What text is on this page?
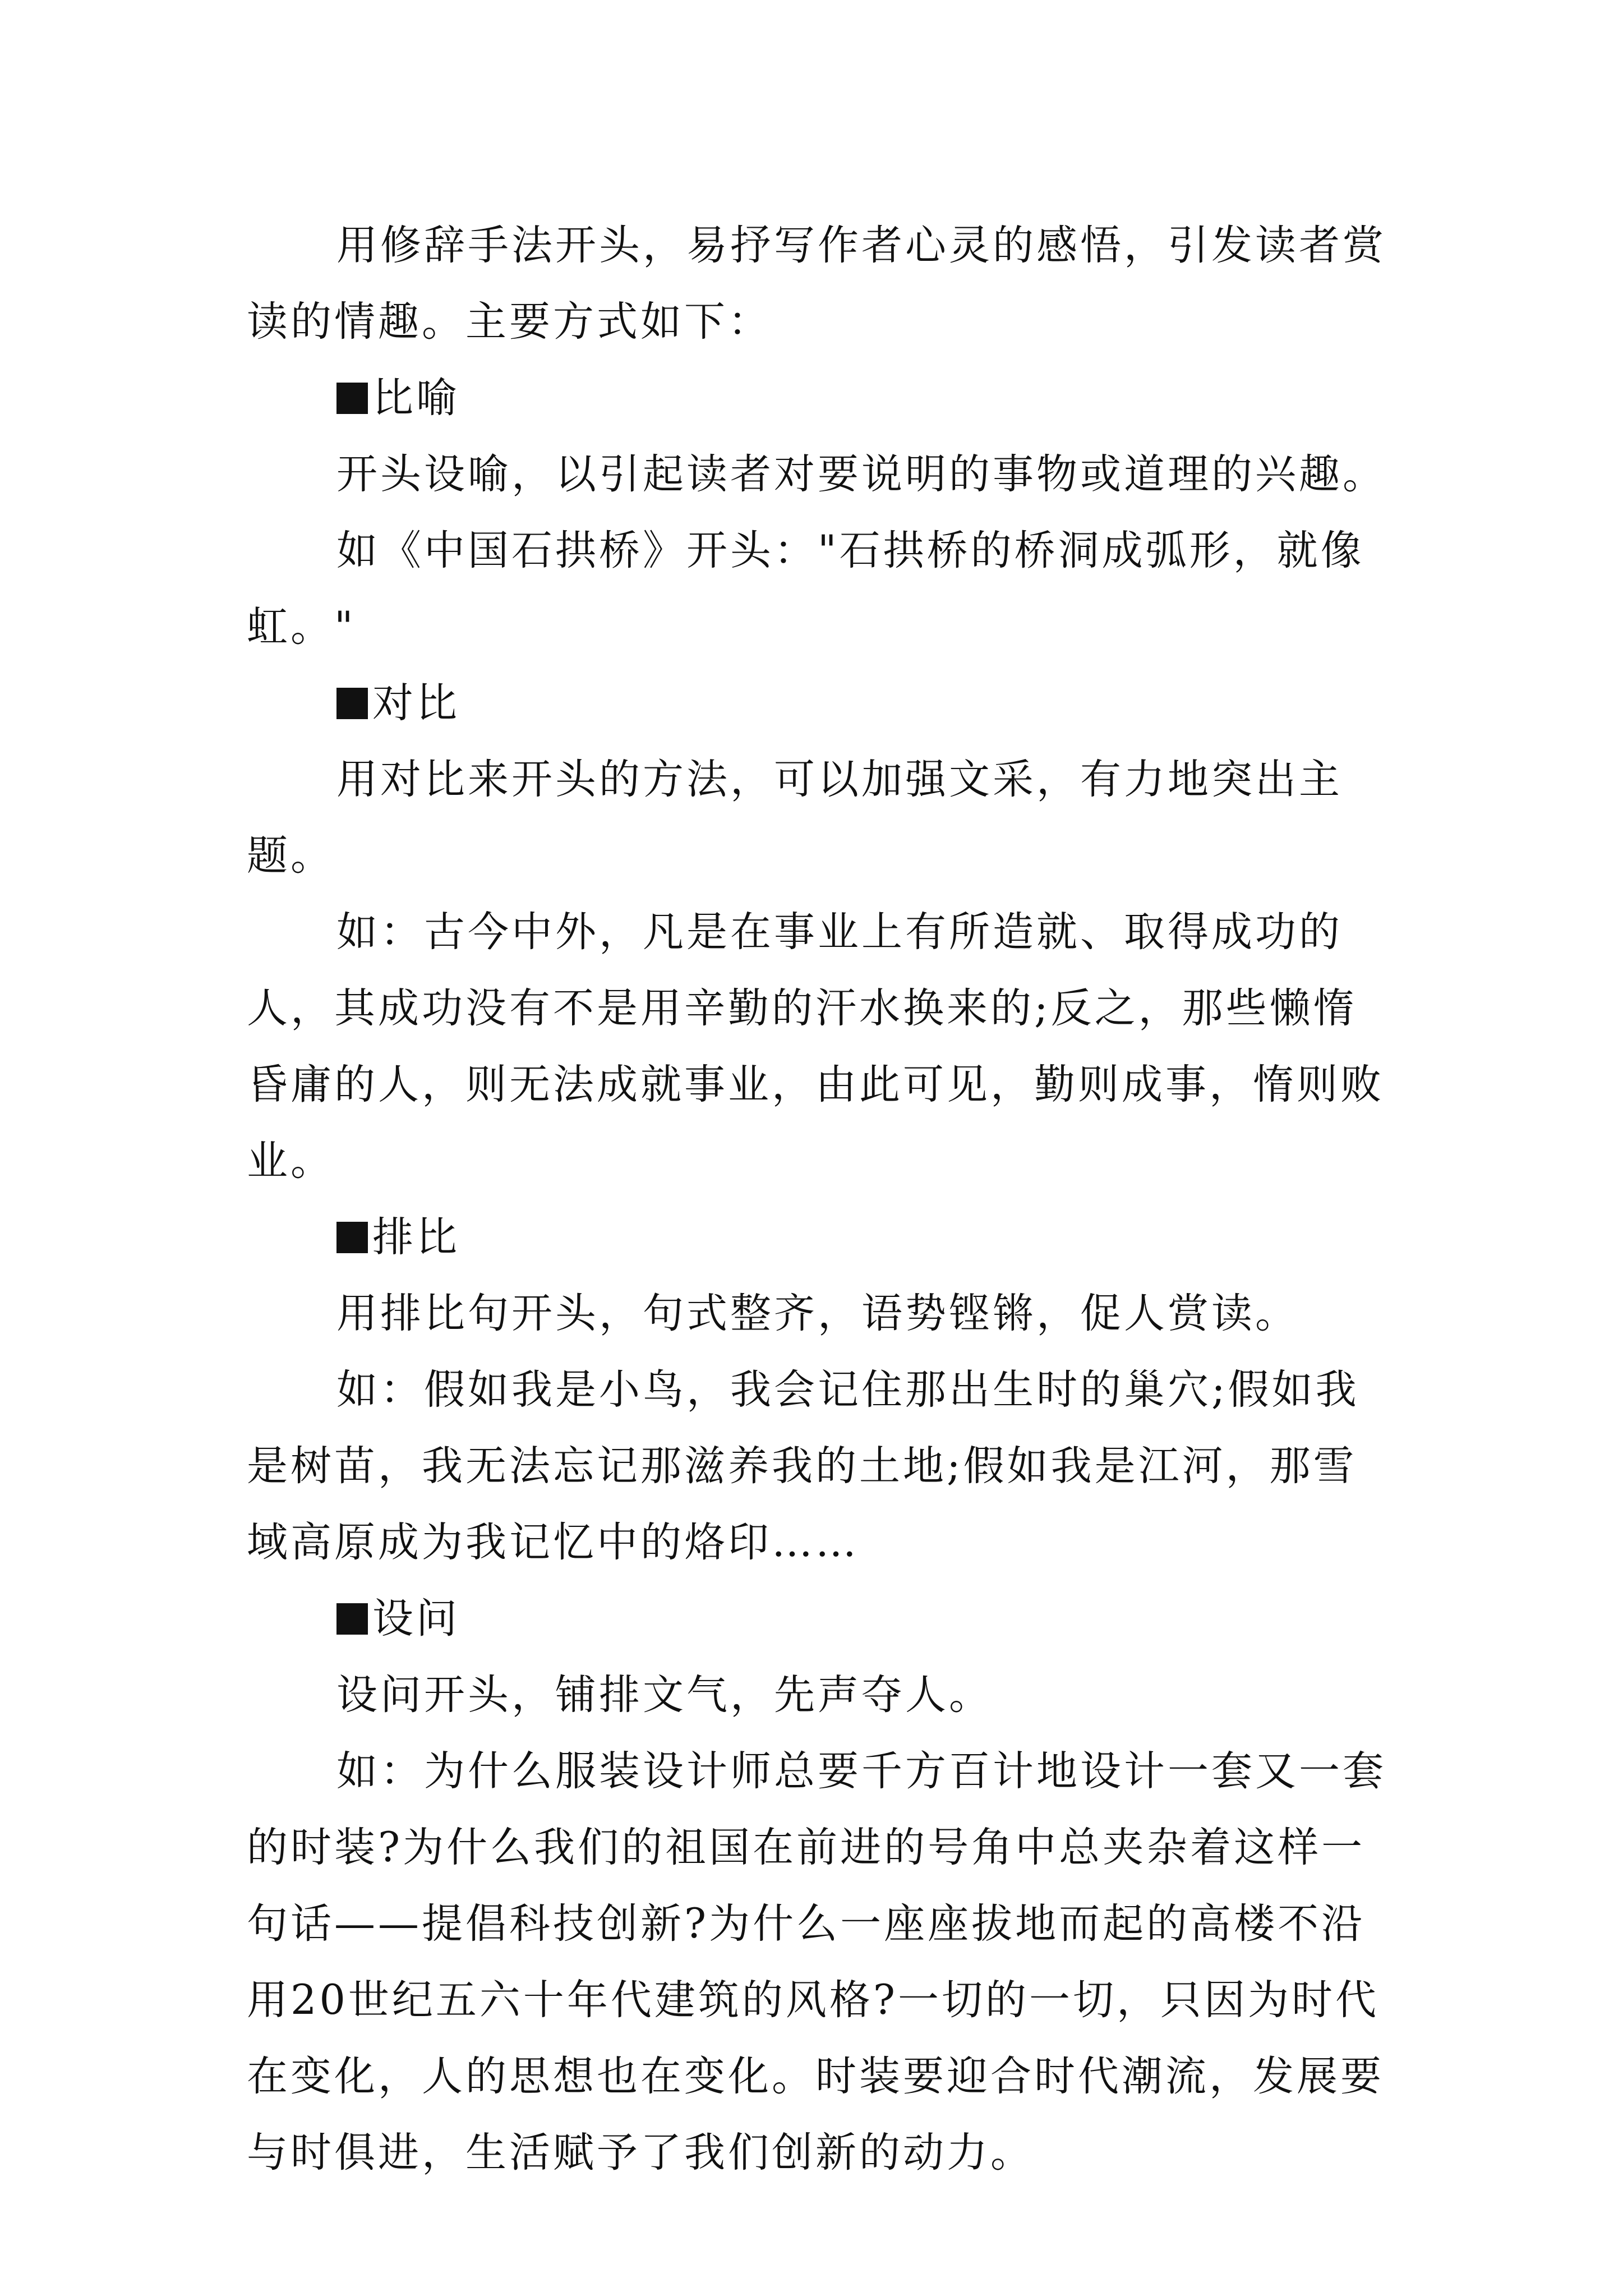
用修辞手法开头，易抒写作者心灵的感悟，引发读者赏读的情趣。主要方式如下：

比喻

开头设喻，以引起读者对要说明的事物或道理的兴趣。

如《中国石拱桥》开头："石拱桥的桥洞成弧形，就像虹。"

对比

用对比来开头的方法，可以加强文采，有力地突出主题。

如：古今中外，凡是在事业上有所造就、取得成功的人，其成功没有不是用辛勤的汗水换来的;反之，那些懒惰昏庸的人，则无法成就事业，由此可见，勤则成事，惰则败业。

排比

用排比句开头，句式整齐，语势铿锵，促人赏读。

如：假如我是小鸟，我会记住那出生时的巢穴;假如我是树苗，我无法忘记那滋养我的土地;假如我是江河，那雪域高原成为我记忆中的烙印……

设问

设问开头，铺排文气，先声夺人。

如：为什么服装设计师总要千方百计地设计一套又一套的时装?为什么我们的祖国在前进的号角中总夹杂着这样一句话——提倡科技创新?为什么一座座拔地而起的高楼不沿用20世纪五六十年代建筑的风格?一切的一切，只因为时代在变化，人的思想也在变化。时装要迎合时代潮流，发展要与时俱进，生活赋予了我们创新的动力。
